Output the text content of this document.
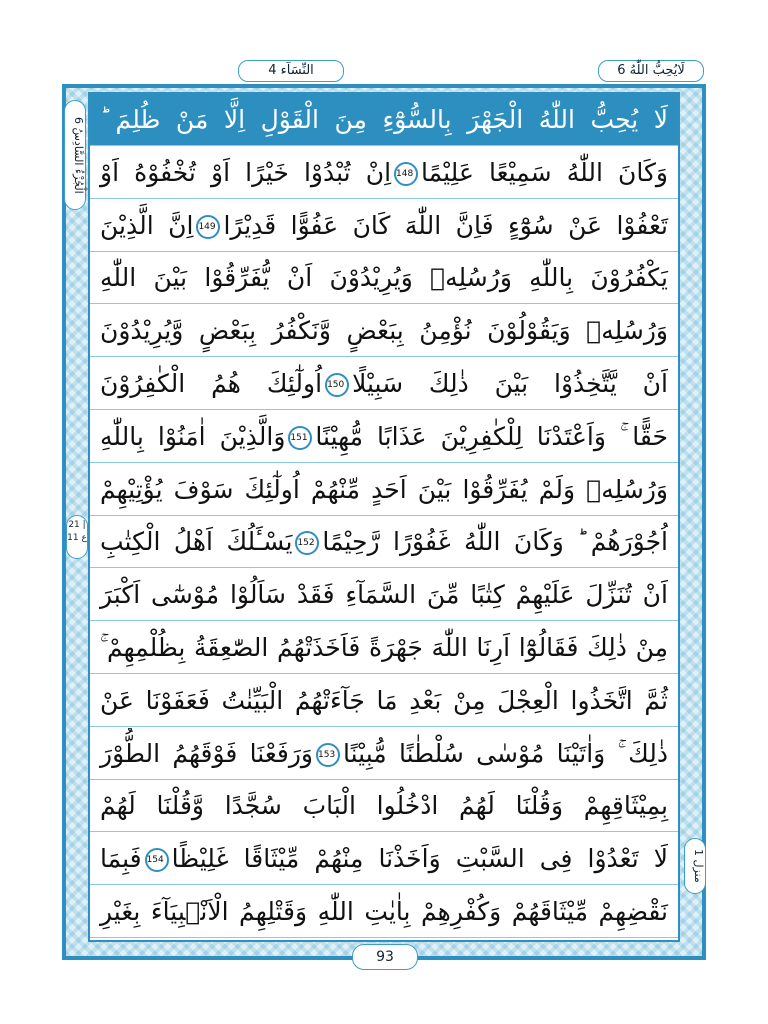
النِّسَآء 4	لَايُحِبُّ اللّٰهُ 6
الْجُزْءُ السَّادِسُ 6
21 | 11 ع
منزل 1
لَا يُحِبُّ اللّٰهُ الْجَهْرَ بِالسُّوْٓءِ مِنَ الْقَوْلِ اِلَّا مَنْ ظُلِمَ ؕ
وَكَانَ اللّٰهُ سَمِيْعًا عَلِيْمًا148اِنْ تُبْدُوْا خَيْرًا اَوْ تُخْفُوْهُ اَوْ
تَعْفُوْا عَنْ سُوْٓءٍ فَاِنَّ اللّٰهَ كَانَ عَفُوًّا قَدِيْرًا149اِنَّ الَّذِيْنَ
يَكْفُرُوْنَ بِاللّٰهِ وَرُسُلِهٖ وَيُرِيْدُوْنَ اَنْ يُّفَرِّقُوْا بَيْنَ اللّٰهِ
وَرُسُلِهٖ وَيَقُوْلُوْنَ نُؤْمِنُ بِبَعْضٍ وَّنَكْفُرُ بِبَعْضٍ وَّيُرِيْدُوْنَ
اَنْ يَّتَّخِذُوْا بَيْنَ ذٰلِكَ سَبِيْلًا150اُولٰٓئِكَ هُمُ الْكٰفِرُوْنَ
حَقًّا ۚ وَاَعْتَدْنَا لِلْكٰفِرِيْنَ عَذَابًا مُّهِيْنًا151وَالَّذِيْنَ اٰمَنُوْا بِاللّٰهِ
وَرُسُلِهٖ وَلَمْ يُفَرِّقُوْا بَيْنَ اَحَدٍ مِّنْهُمْ اُولٰٓئِكَ سَوْفَ يُؤْتِيْهِمْ
اُجُوْرَهُمْ ؕ وَكَانَ اللّٰهُ غَفُوْرًا رَّحِيْمًا152يَسْـَٔلُكَ اَهْلُ الْكِتٰبِ
اَنْ تُنَزِّلَ عَلَيْهِمْ كِتٰبًا مِّنَ السَّمَآءِ فَقَدْ سَاَلُوْا مُوْسٰٓى اَكْبَرَ
مِنْ ذٰلِكَ فَقَالُوْٓا اَرِنَا اللّٰهَ جَهْرَةً فَاَخَذَتْهُمُ الصّٰعِقَةُ بِظُلْمِهِمْ ۚ
ثُمَّ اتَّخَذُوا الْعِجْلَ مِنْ بَعْدِ مَا جَآءَتْهُمُ الْبَيِّنٰتُ فَعَفَوْنَا عَنْ
ذٰلِكَ ۚ وَاٰتَيْنَا مُوْسٰى سُلْطٰنًا مُّبِيْنًا153وَرَفَعْنَا فَوْقَهُمُ الطُّوْرَ
بِمِيْثَاقِهِمْ وَقُلْنَا لَهُمُ ادْخُلُوا الْبَابَ سُجَّدًا وَّقُلْنَا لَهُمْ
لَا تَعْدُوْا فِى السَّبْتِ وَاَخَذْنَا مِنْهُمْ مِّيْثَاقًا غَلِيْظًا154فَبِمَا
نَقْضِهِمْ مِّيْثَاقَهُمْ وَكُفْرِهِمْ بِاٰيٰتِ اللّٰهِ وَقَتْلِهِمُ الْاَنْۢبِيَآءَ بِغَيْرِ
93
